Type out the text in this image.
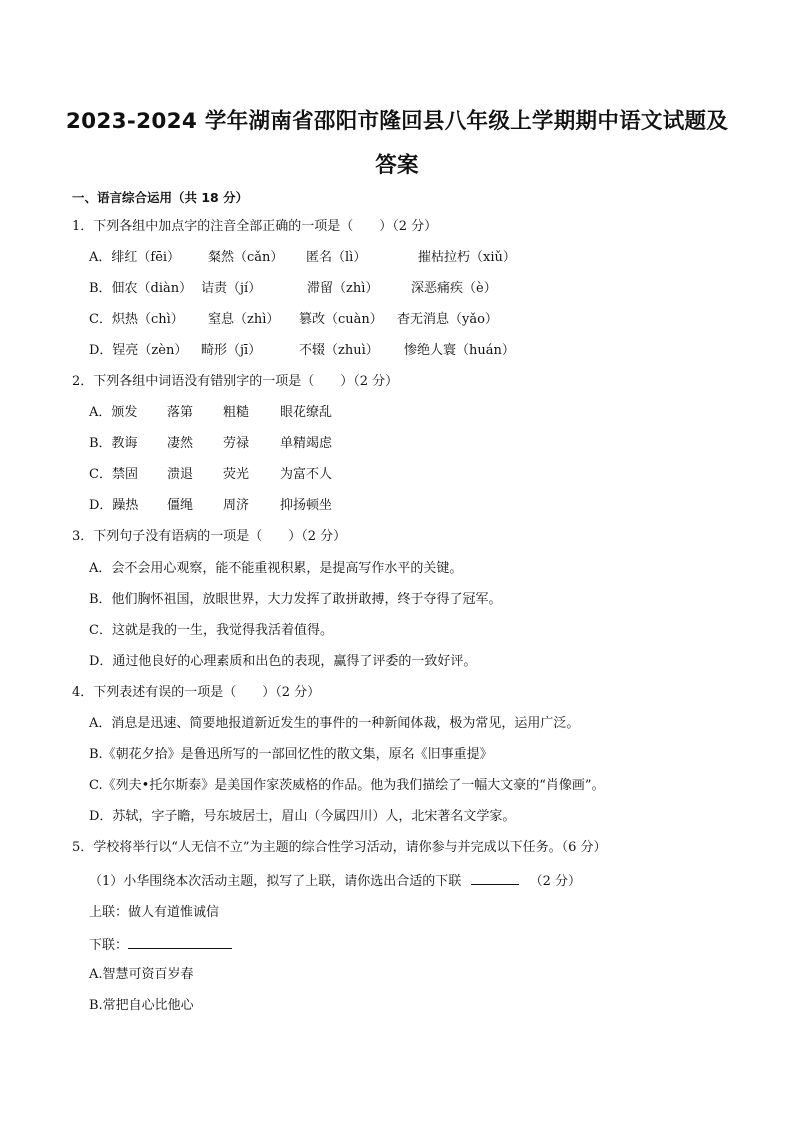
2023-2024 学年湖南省邵阳市隆回县八年级上学期期中语文试题及答案
一、语言综合运用（共 18 分）
1．下列各组中加点字的注音全部正确的一项是（　　）（2 分）
A．绯红（fēi） 粲然（cǎn） 匿名（lì）	摧枯拉朽（xiǔ）
B．佃农（diàn） 诘责（jí）	滞留（zhì）	深恶痛疾（è）
C．炽热（chì） 窒息（zhì） 篡改（cuàn） 杳无消息（yǎo）
D．锃亮（zèn） 畸形（jī）	不辍（zhuì） 惨绝人寰（huán）
2．下列各组中词语没有错别字的一项是（　　）（2 分）
A．颁发 落第 粗糙 眼花缭乱
B．教诲 凄然 劳禄 单精竭虑
C．禁固 溃退 荧光 为富不人
D．躁热 僵绳 周济 抑扬顿坐
3．下列句子没有语病的一项是（　　）（2 分）
A．会不会用心观察，能不能重视积累，是提高写作水平的关键。
B．他们胸怀祖国，放眼世界，大力发挥了敢拼敢搏，终于夺得了冠军。
C．这就是我的一生，我觉得我活着值得。
D．通过他良好的心理素质和出色的表现，赢得了评委的一致好评。
4．下列表述有误的一项是（　　）（2 分）
A．消息是迅速、简要地报道新近发生的事件的一种新闻体裁，极为常见，运用广泛。
B.《朝花夕拾》是鲁迅所写的一部回忆性的散文集，原名《旧事重提》
C.《列夫•托尔斯泰》是美国作家茨威格的作品。他为我们描绘了一幅大文豪的“肖像画”。
D．苏轼，字子瞻，号东坡居士，眉山（今属四川）人，北宋著名文学家。
5．学校将举行以“人无信不立”为主题的综合性学习活动，请你参与并完成以下任务。（6 分）
（1）小华围绕本次活动主题，拟写了上联，请你选出合适的下联	（2 分）
上联：做人有道惟诚信
下联：
A.智慧可资百岁春
B.常把自心比他心
